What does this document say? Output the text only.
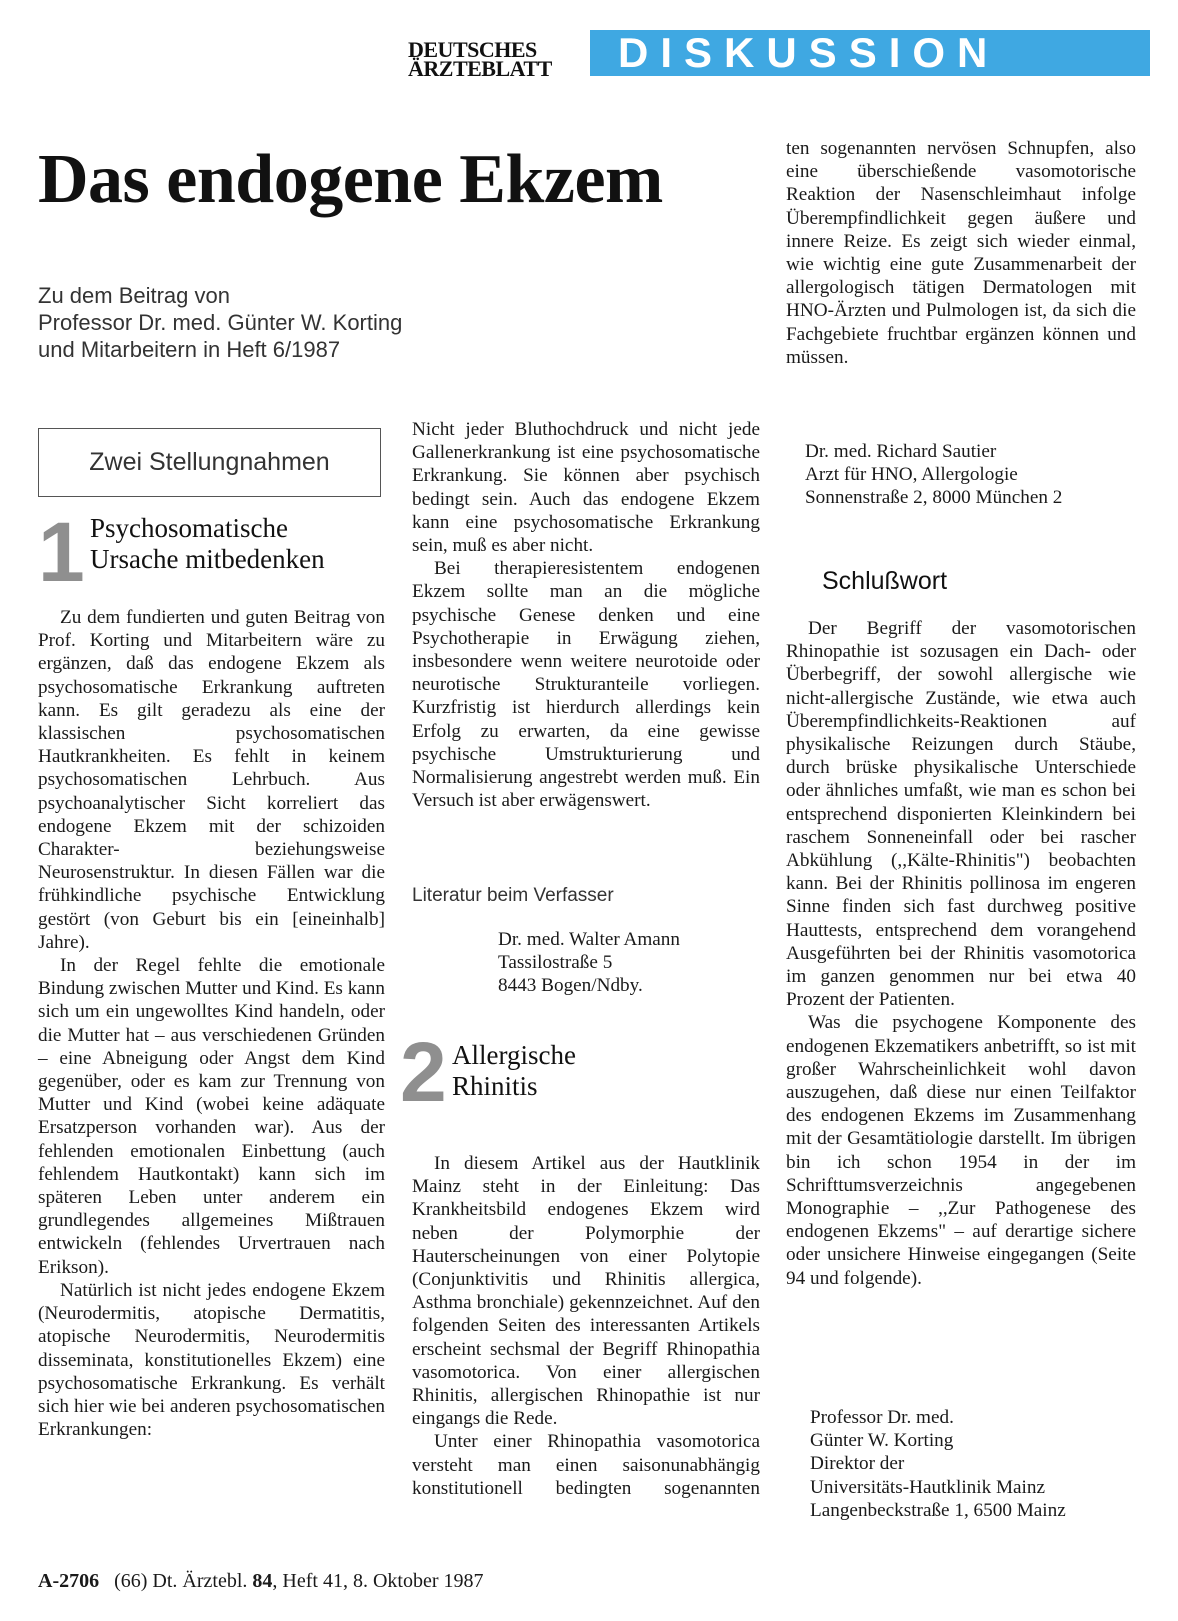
DEUTSCHES
ÄRZTEBLATT	DISKUSSION
Das endogene Ekzem
Zu dem Beitrag von
Professor Dr. med. Günter W. Korting
und Mitarbeitern in Heft 6/1987
Zwei Stellungnahmen
1 Psychosomatische
Ursache mitbedenken

Zu dem fundierten und guten Beitrag von Prof. Korting und Mitarbeitern wäre zu ergänzen, daß das endogene Ekzem als psychosomatische Erkrankung auftreten kann. Es gilt geradezu als eine der klassischen psychosomatischen Hautkrankheiten. Es fehlt in keinem psychosomatischen Lehrbuch. Aus psychoanalytischer Sicht korreliert das endogene Ekzem mit der schizoiden Charakter- beziehungsweise Neurosenstruktur. In diesen Fällen war die frühkindliche psychische Entwicklung gestört (von Geburt bis ein [eineinhalb] Jahre).

In der Regel fehlte die emotionale Bindung zwischen Mutter und Kind. Es kann sich um ein ungewolltes Kind handeln, oder die Mutter hat – aus verschiedenen Gründen – eine Abneigung oder Angst dem Kind gegenüber, oder es kam zur Trennung von Mutter und Kind (wobei keine adäquate Ersatzperson vorhanden war). Aus der fehlenden emotionalen Einbettung (auch fehlendem Hautkontakt) kann sich im späteren Leben unter anderem ein grundlegendes allgemeines Mißtrauen entwickeln (fehlendes Urvertrauen nach Erikson).

Natürlich ist nicht jedes endogene Ekzem (Neurodermitis, atopische Dermatitis, atopische Neurodermitis, Neurodermitis disseminata, konstitutionelles Ekzem) eine psychosomatische Erkrankung. Es verhält sich hier wie bei anderen psychosomatischen Erkrankungen:

Nicht jeder Bluthochdruck und nicht jede Gallenerkrankung ist eine psychosomatische Erkrankung. Sie können aber psychisch bedingt sein. Auch das endogene Ekzem kann eine psychosomatische Erkrankung sein, muß es aber nicht.

Bei therapieresistentem endogenen Ekzem sollte man an die mögliche psychische Genese denken und eine Psychotherapie in Erwägung ziehen, insbesondere wenn weitere neurotoide oder neurotische Strukturanteile vorliegen. Kurzfristig ist hierdurch allerdings kein Erfolg zu erwarten, da eine gewisse psychische Umstrukturierung und Normalisierung angestrebt werden muß. Ein Versuch ist aber erwägenswert.

Literatur beim Verfasser
Dr. med. Walter Amann
Tassilostraße 5
8443 Bogen/Ndby.
2 Allergische
Rhinitis

In diesem Artikel aus der Hautklinik Mainz steht in der Einleitung: Das Krankheitsbild endogenes Ekzem wird neben der Polymorphie der Hauterscheinungen von einer Polytopie (Conjunktivitis und Rhinitis allergica, Asthma bronchiale) gekennzeichnet. Auf den folgenden Seiten des interessanten Artikels erscheint sechsmal der Begriff Rhinopathia vasomotorica. Von einer allergischen Rhinitis, allergischen Rhinopathie ist nur eingangs die Rede.

Unter einer Rhinopathia vasomotorica versteht man einen saisonunabhängig konstitutionell bedingten sogenannten

ten sogenannten nervösen Schnupfen, also eine überschießende vasomotorische Reaktion der Nasenschleimhaut infolge Überempfindlichkeit gegen äußere und innere Reize. Es zeigt sich wieder einmal, wie wichtig eine gute Zusammenarbeit der allergologisch tätigen Dermatologen mit HNO-Ärzten und Pulmologen ist, da sich die Fachgebiete fruchtbar ergänzen können und müssen.

Dr. med. Richard Sautier
Arzt für HNO, Allergologie
Sonnenstraße 2, 8000 München 2
Schlußwort

Der Begriff der vasomotorischen Rhinopathie ist sozusagen ein Dach- oder Überbegriff, der sowohl allergische wie nicht-allergische Zustände, wie etwa auch Überempfindlichkeits-Reaktionen auf physikalische Reizungen durch Stäube, durch brüske physikalische Unterschiede oder ähnliches umfaßt, wie man es schon bei entsprechend disponierten Kleinkindern bei raschem Sonneneinfall oder bei rascher Abkühlung (,,Kälte-Rhinitis") beobachten kann. Bei der Rhinitis pollinosa im engeren Sinne finden sich fast durchweg positive Hauttests, entsprechend dem vorangehend Ausgeführten bei der Rhinitis vasomotorica im ganzen genommen nur bei etwa 40 Prozent der Patienten.

Was die psychogene Komponente des endogenen Ekzematikers anbetrifft, so ist mit großer Wahrscheinlichkeit wohl davon auszugehen, daß diese nur einen Teilfaktor des endogenen Ekzems im Zusammenhang mit der Gesamtätiologie darstellt. Im übrigen bin ich schon 1954 in der im Schrifttumsverzeichnis angegebenen Monographie – ,,Zur Pathogenese des endogenen Ekzems" – auf derartige sichere oder unsichere Hinweise eingegangen (Seite 94 und folgende).

Professor Dr. med.
Günter W. Korting
Direktor der
Universitäts-Hautklinik Mainz
Langenbeckstraße 1, 6500 Mainz
A-2706 (66) Dt. Ärztebl. 84, Heft 41, 8. Oktober 1987
